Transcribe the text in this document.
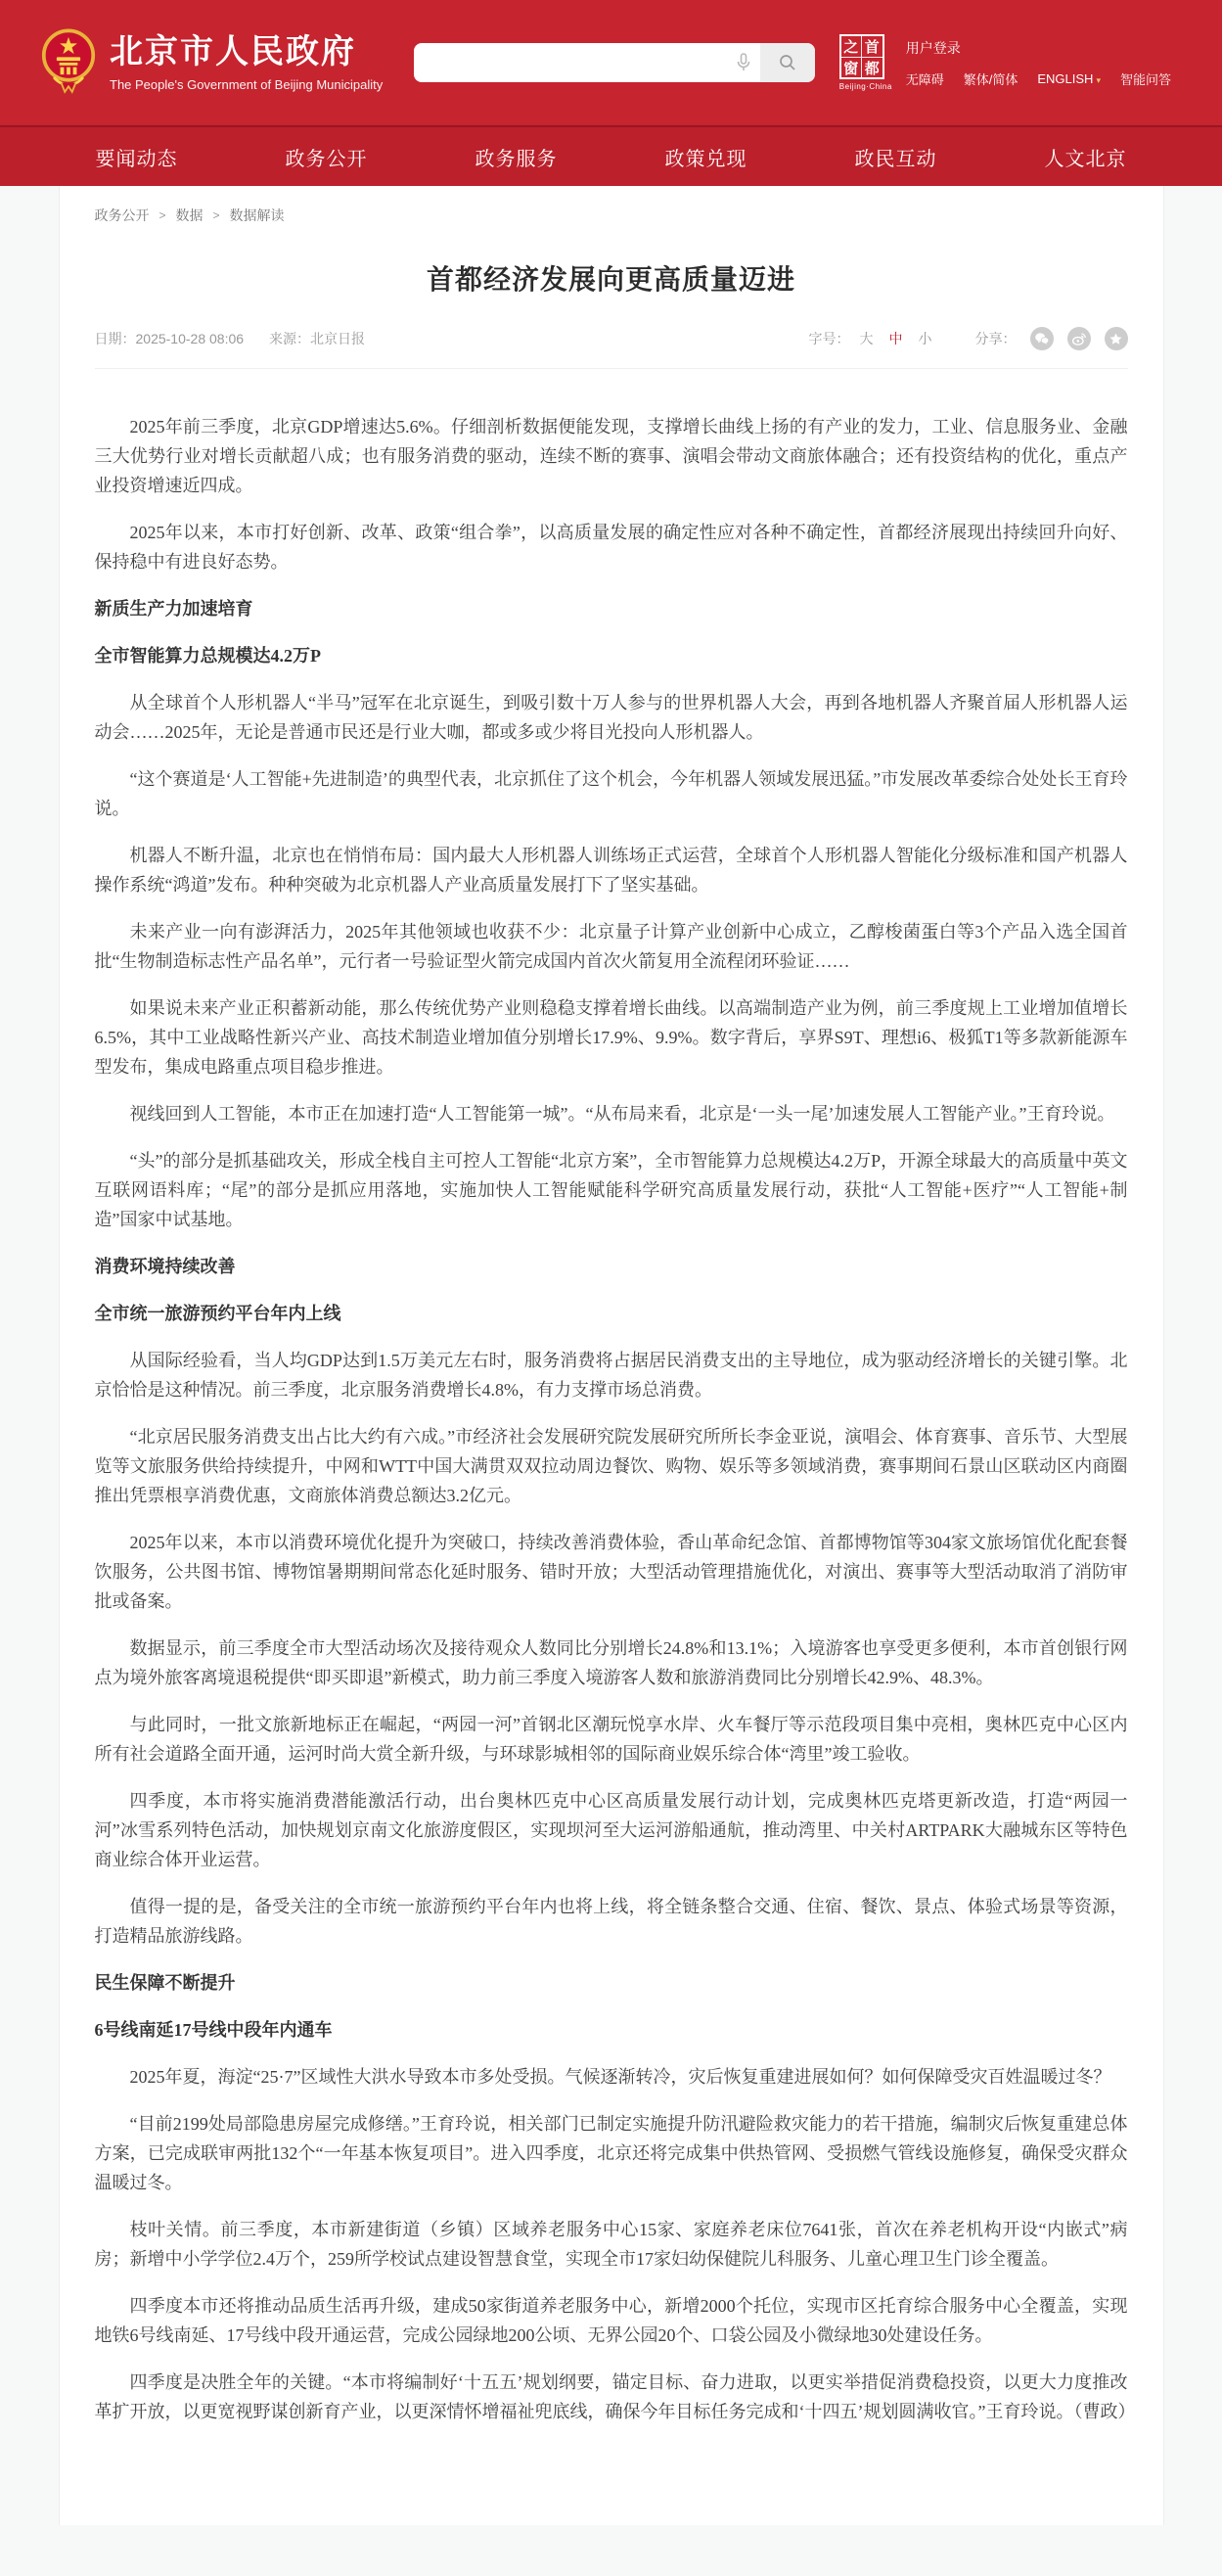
北京市人民政府
The People's Government of Beijing Municipality
之 首
窗 都
Beijing·China
用户登录
无障碍 繁体/简体 ENGLISH ▾ 智能问答
要闻动态	政务公开	政务服务	政策兑现	政民互动	人文北京
政务公开 > 数据 > 数据解读
首都经济发展向更高质量迈进
日期：2025-10-28 08:06 来源：北京日报	字号： 大 中 小	分享：

2025年前三季度，北京GDP增速达5.6%。仔细剖析数据便能发现，支撑增长曲线上扬的有产业的发力，工业、信息服务业、金融三大优势行业对增长贡献超八成；也有服务消费的驱动，连续不断的赛事、演唱会带动文商旅体融合；还有投资结构的优化，重点产业投资增速近四成。

2025年以来，本市打好创新、改革、政策“组合拳”，以高质量发展的确定性应对各种不确定性，首都经济展现出持续回升向好、保持稳中有进良好态势。

新质生产力加速培育
全市智能算力总规模达4.2万P

从全球首个人形机器人“半马”冠军在北京诞生，到吸引数十万人参与的世界机器人大会，再到各地机器人齐聚首届人形机器人运动会……2025年，无论是普通市民还是行业大咖，都或多或少将目光投向人形机器人。

“这个赛道是‘人工智能+先进制造’的典型代表，北京抓住了这个机会，今年机器人领域发展迅猛。”市发展改革委综合处处长王育玲说。

机器人不断升温，北京也在悄悄布局：国内最大人形机器人训练场正式运营，全球首个人形机器人智能化分级标准和国产机器人操作系统“鸿道”发布。种种突破为北京机器人产业高质量发展打下了坚实基础。

未来产业一向有澎湃活力，2025年其他领域也收获不少：北京量子计算产业创新中心成立，乙醇梭菌蛋白等3个产品入选全国首批“生物制造标志性产品名单”，元行者一号验证型火箭完成国内首次火箭复用全流程闭环验证……

如果说未来产业正积蓄新动能，那么传统优势产业则稳稳支撑着增长曲线。以高端制造产业为例，前三季度规上工业增加值增长6.5%，其中工业战略性新兴产业、高技术制造业增加值分别增长17.9%、9.9%。数字背后，享界S9T、理想i6、极狐T1等多款新能源车型发布，集成电路重点项目稳步推进。

视线回到人工智能，本市正在加速打造“人工智能第一城”。“从布局来看，北京是‘一头一尾’加速发展人工智能产业。”王育玲说。

“头”的部分是抓基础攻关，形成全栈自主可控人工智能“北京方案”，全市智能算力总规模达4.2万P，开源全球最大的高质量中英文互联网语料库；“尾”的部分是抓应用落地，实施加快人工智能赋能科学研究高质量发展行动，获批“人工智能+医疗”“人工智能+制造”国家中试基地。

消费环境持续改善
全市统一旅游预约平台年内上线

从国际经验看，当人均GDP达到1.5万美元左右时，服务消费将占据居民消费支出的主导地位，成为驱动经济增长的关键引擎。北京恰恰是这种情况。前三季度，北京服务消费增长4.8%，有力支撑市场总消费。

“北京居民服务消费支出占比大约有六成。”市经济社会发展研究院发展研究所所长李金亚说，演唱会、体育赛事、音乐节、大型展览等文旅服务供给持续提升，中网和WTT中国大满贯双双拉动周边餐饮、购物、娱乐等多领域消费，赛事期间石景山区联动区内商圈推出凭票根享消费优惠，文商旅体消费总额达3.2亿元。

2025年以来，本市以消费环境优化提升为突破口，持续改善消费体验，香山革命纪念馆、首都博物馆等304家文旅场馆优化配套餐饮服务，公共图书馆、博物馆暑期期间常态化延时服务、错时开放；大型活动管理措施优化，对演出、赛事等大型活动取消了消防审批或备案。

数据显示，前三季度全市大型活动场次及接待观众人数同比分别增长24.8%和13.1%；入境游客也享受更多便利，本市首创银行网点为境外旅客离境退税提供“即买即退”新模式，助力前三季度入境游客人数和旅游消费同比分别增长42.9%、48.3%。

与此同时，一批文旅新地标正在崛起，“两园一河”首钢北区潮玩悦享水岸、火车餐厅等示范段项目集中亮相，奥林匹克中心区内所有社会道路全面开通，运河时尚大赏全新升级，与环球影城相邻的国际商业娱乐综合体“湾里”竣工验收。

四季度，本市将实施消费潜能激活行动，出台奥林匹克中心区高质量发展行动计划，完成奥林匹克塔更新改造，打造“两园一河”冰雪系列特色活动，加快规划京南文化旅游度假区，实现坝河至大运河游船通航，推动湾里、中关村ARTPARK大融城东区等特色商业综合体开业运营。

值得一提的是，备受关注的全市统一旅游预约平台年内也将上线，将全链条整合交通、住宿、餐饮、景点、体验式场景等资源，打造精品旅游线路。

民生保障不断提升
6号线南延17号线中段年内通车

2025年夏，海淀“25·7”区域性大洪水导致本市多处受损。气候逐渐转冷，灾后恢复重建进展如何？如何保障受灾百姓温暖过冬？

“目前2199处局部隐患房屋完成修缮。”王育玲说，相关部门已制定实施提升防汛避险救灾能力的若干措施，编制灾后恢复重建总体方案，已完成联审两批132个“一年基本恢复项目”。进入四季度，北京还将完成集中供热管网、受损燃气管线设施修复，确保受灾群众温暖过冬。

枝叶关情。前三季度，本市新建街道（乡镇）区域养老服务中心15家、家庭养老床位7641张，首次在养老机构开设“内嵌式”病房；新增中小学学位2.4万个，259所学校试点建设智慧食堂，实现全市17家妇幼保健院儿科服务、儿童心理卫生门诊全覆盖。

四季度本市还将推动品质生活再升级，建成50家街道养老服务中心，新增2000个托位，实现市区托育综合服务中心全覆盖，实现地铁6号线南延、17号线中段开通运营，完成公园绿地200公顷、无界公园20个、口袋公园及小微绿地30处建设任务。

四季度是决胜全年的关键。“本市将编制好‘十五五’规划纲要，锚定目标、奋力进取，以更实举措促消费稳投资，以更大力度推改革扩开放，以更宽视野谋创新育产业，以更深情怀增福祉兜底线，确保今年目标任务完成和‘十四五’规划圆满收官。”王育玲说。（曹政）
